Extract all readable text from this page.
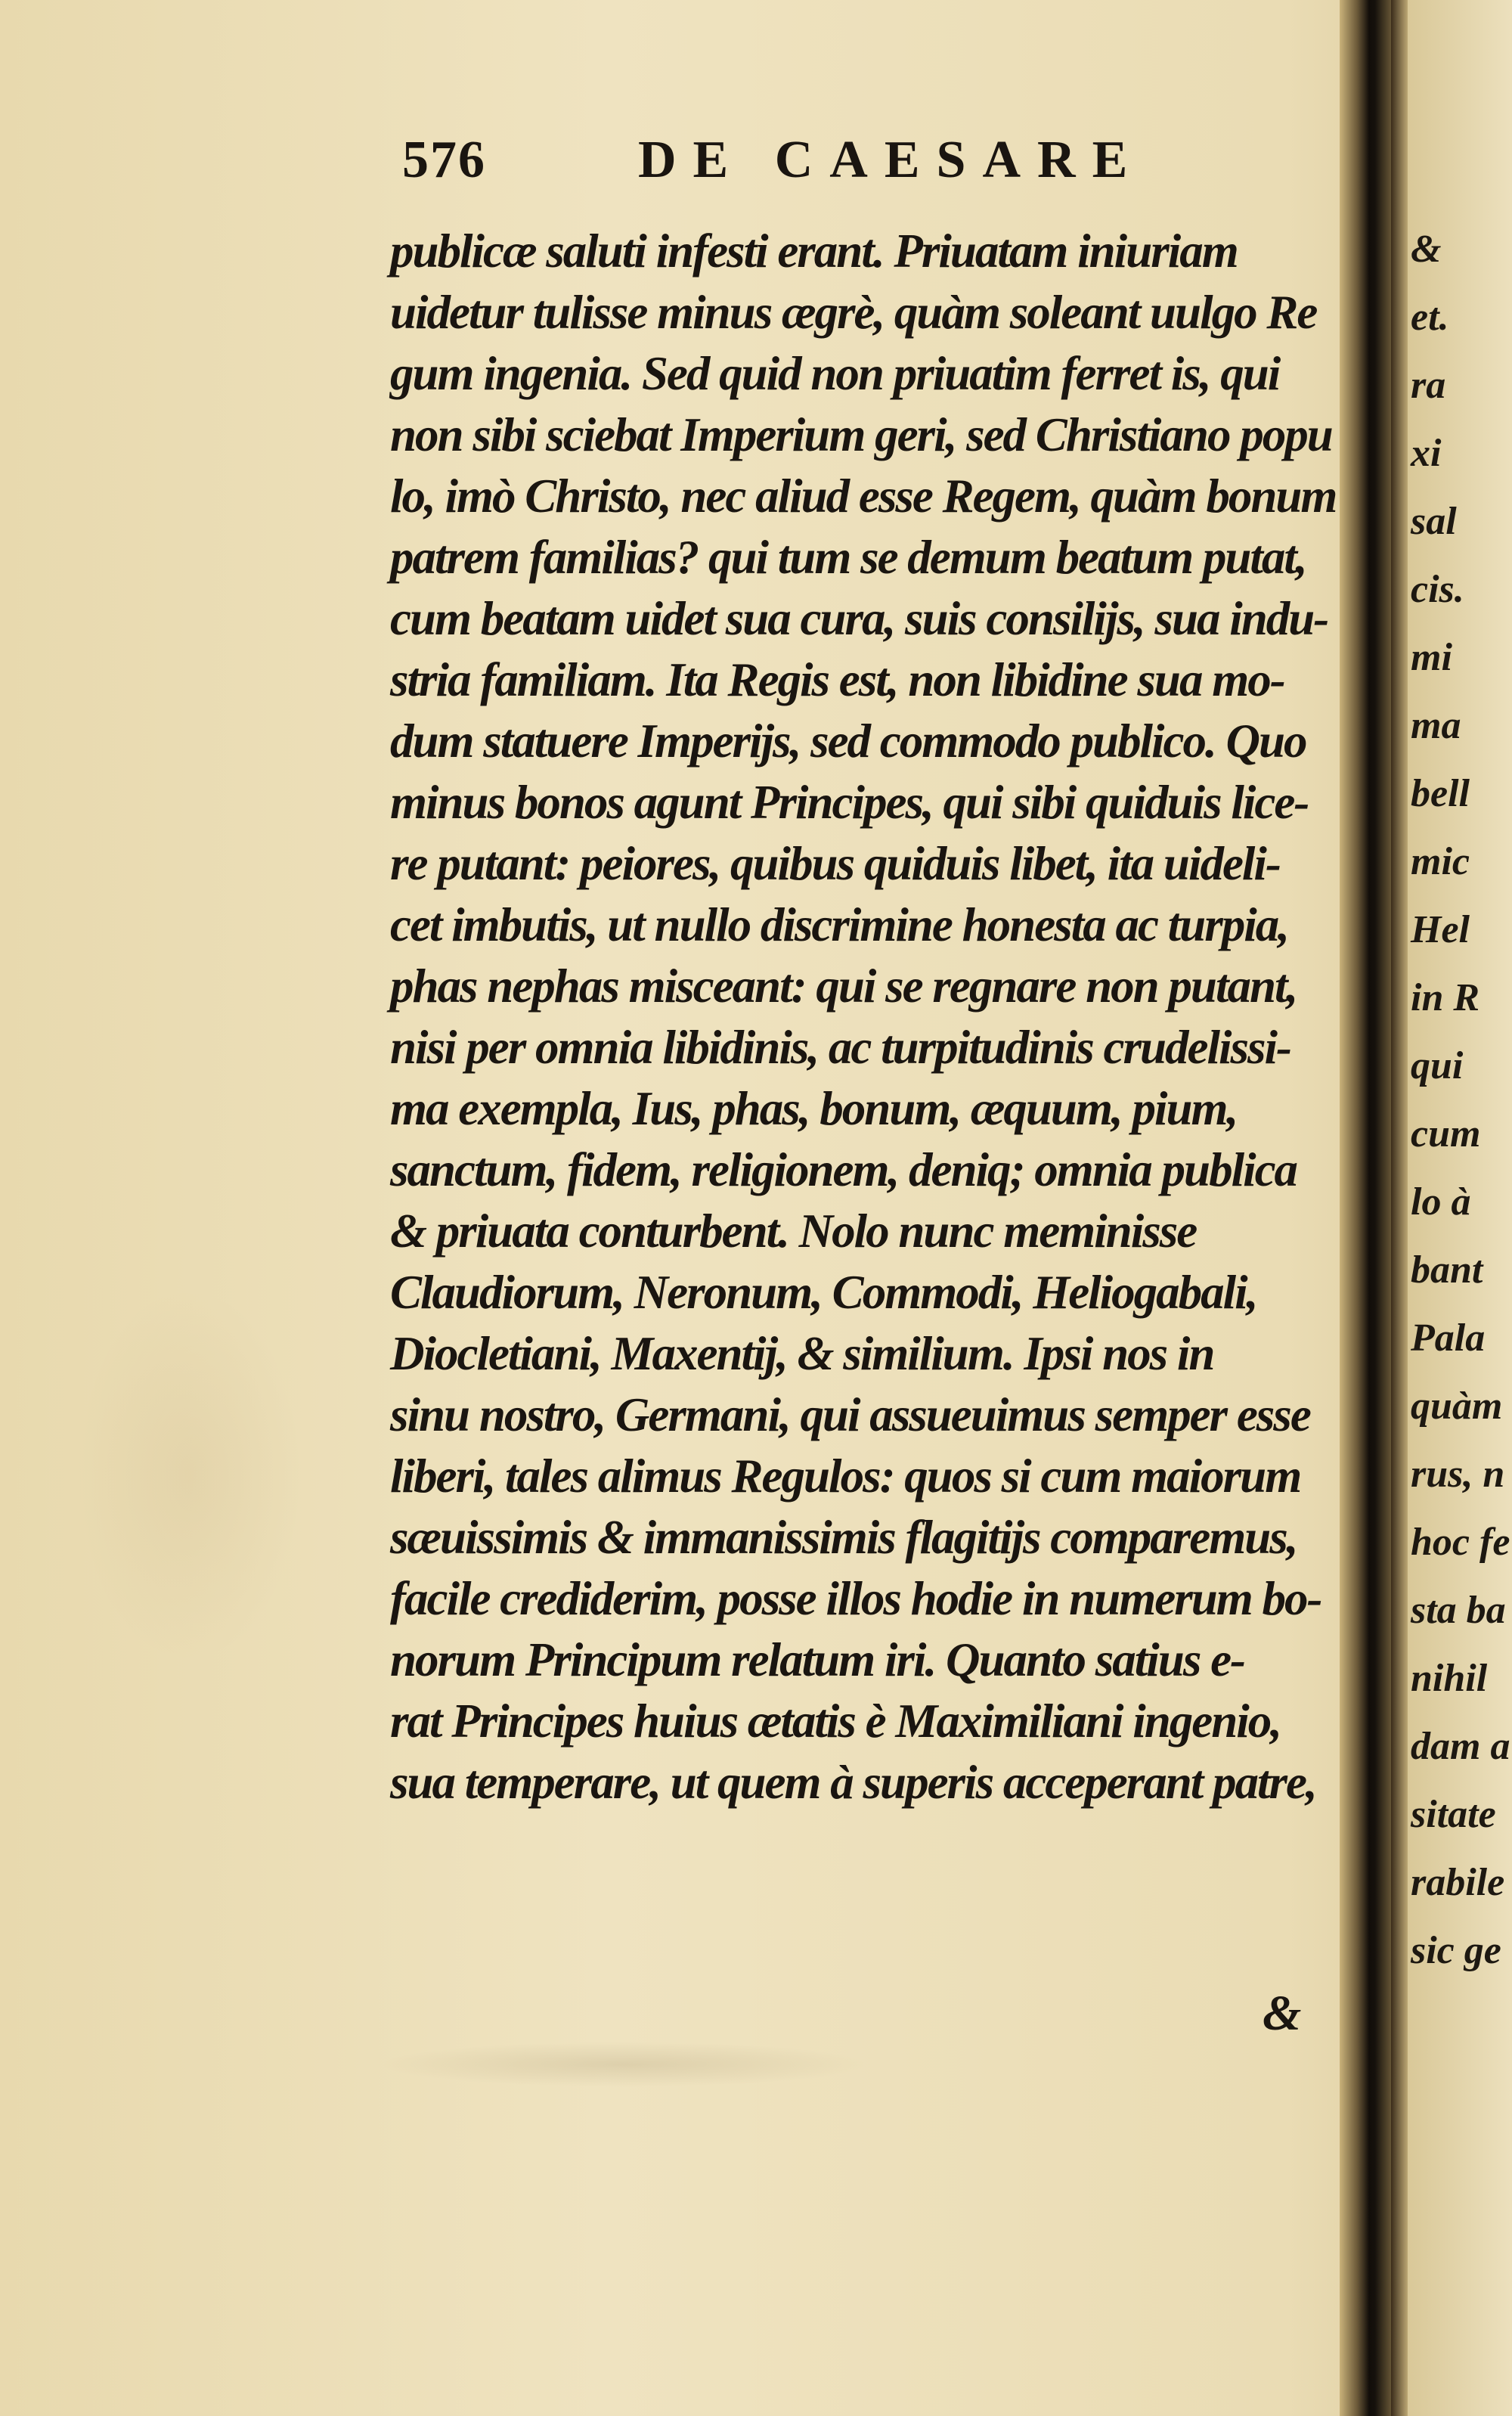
576	DE CAESARE
publicæ saluti infesti erant. Priuatam iniuriam
uidetur tulisse minus ægrè, quàm soleant uulgo Re
gum ingenia. Sed quid non priuatim ferret is, qui
non sibi sciebat Imperium geri, sed Christiano popu
lo, imò Christo, nec aliud esse Regem, quàm bonum
patrem familias? qui tum se demum beatum putat,
cum beatam uidet sua cura, suis consilijs, sua indu-
stria familiam. Ita Regis est, non libidine sua mo-
dum statuere Imperijs, sed commodo publico. Quo
minus bonos agunt Principes, qui sibi quiduis lice-
re putant: peiores, quibus quiduis libet, ita uideli-
cet imbutis, ut nullo discrimine honesta ac turpia,
phas nephas misceant: qui se regnare non putant,
nisi per omnia libidinis, ac turpitudinis crudelissi-
ma exempla, Ius, phas, bonum, æquum, pium,
sanctum, fidem, religionem, deniq; omnia publica
& priuata conturbent. Nolo nunc meminisse
Claudiorum, Neronum, Commodi, Heliogabali,
Diocletiani, Maxentij, & similium. Ipsi nos in
sinu nostro, Germani, qui assueuimus semper esse
liberi, tales alimus Regulos: quos si cum maiorum
sæuissimis & immanissimis flagitijs comparemus,
facile crediderim, posse illos hodie in numerum bo-
norum Principum relatum iri. Quanto satius e-
rat Principes huius ætatis è Maximiliani ingenio,
sua temperare, ut quem à superis acceperant patre,
&
&
et.
ra
xi
sal
cis.
mi
ma
bell
mic
Hel
in R
qui
cum
lo à
bant
Pala
quàm
rus, n
hoc fe
sta ba
nihil
dam a
sitate
rabile
sic ge
